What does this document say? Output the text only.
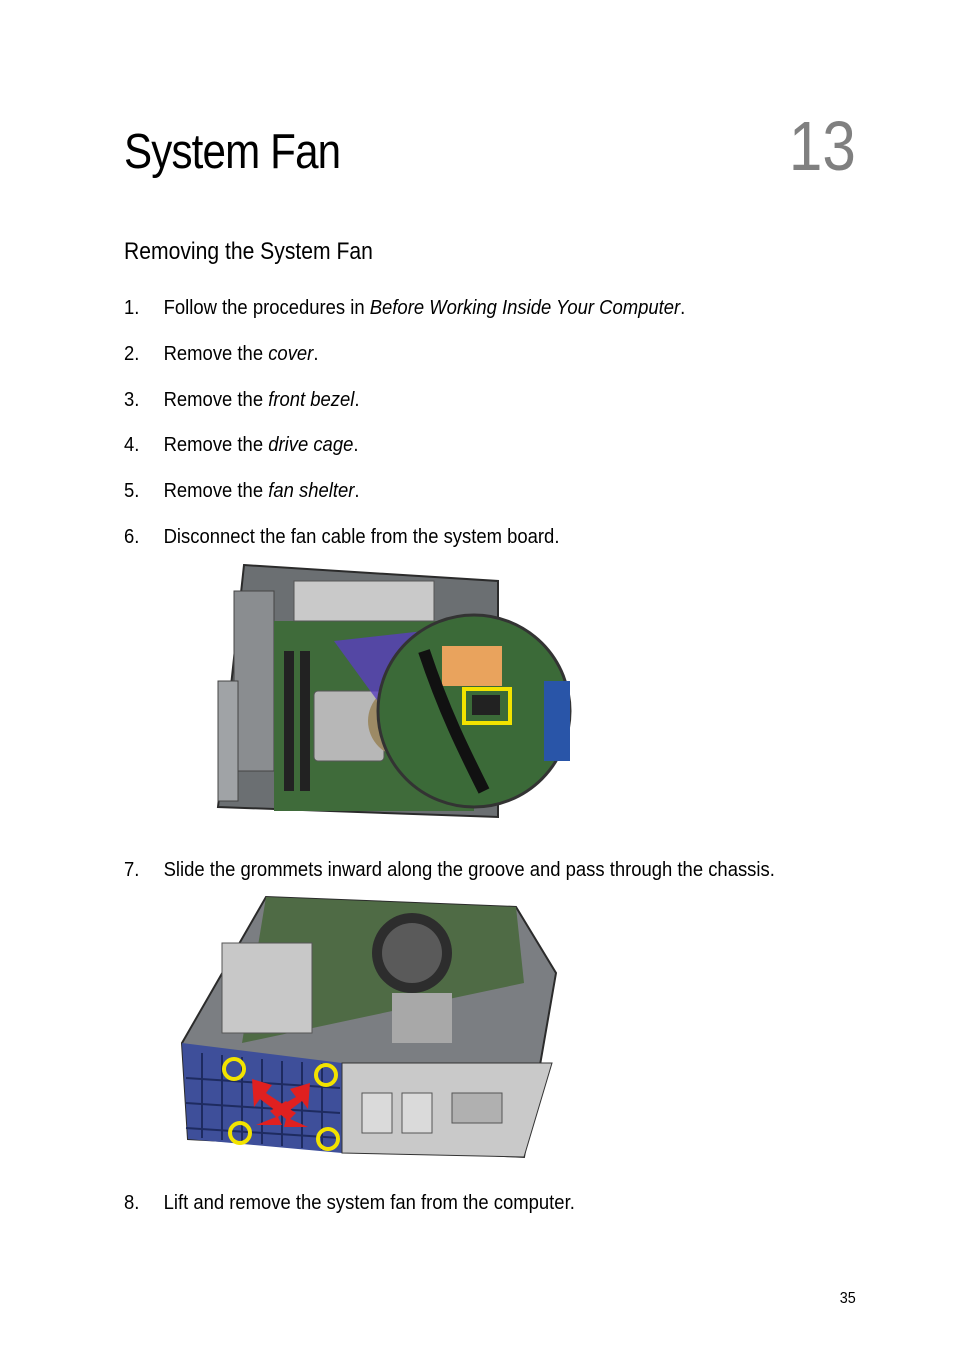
System Fan	13
Removing the System Fan
1. Follow the procedures in Before Working Inside Your Computer.
2. Remove the cover.
3. Remove the front bezel.
4. Remove the drive cage.
5. Remove the fan shelter.
6. Disconnect the fan cable from the system board.
7. Slide the grommets inward along the groove and pass through the chassis.
8. Lift and remove the system fan from the computer.
35
